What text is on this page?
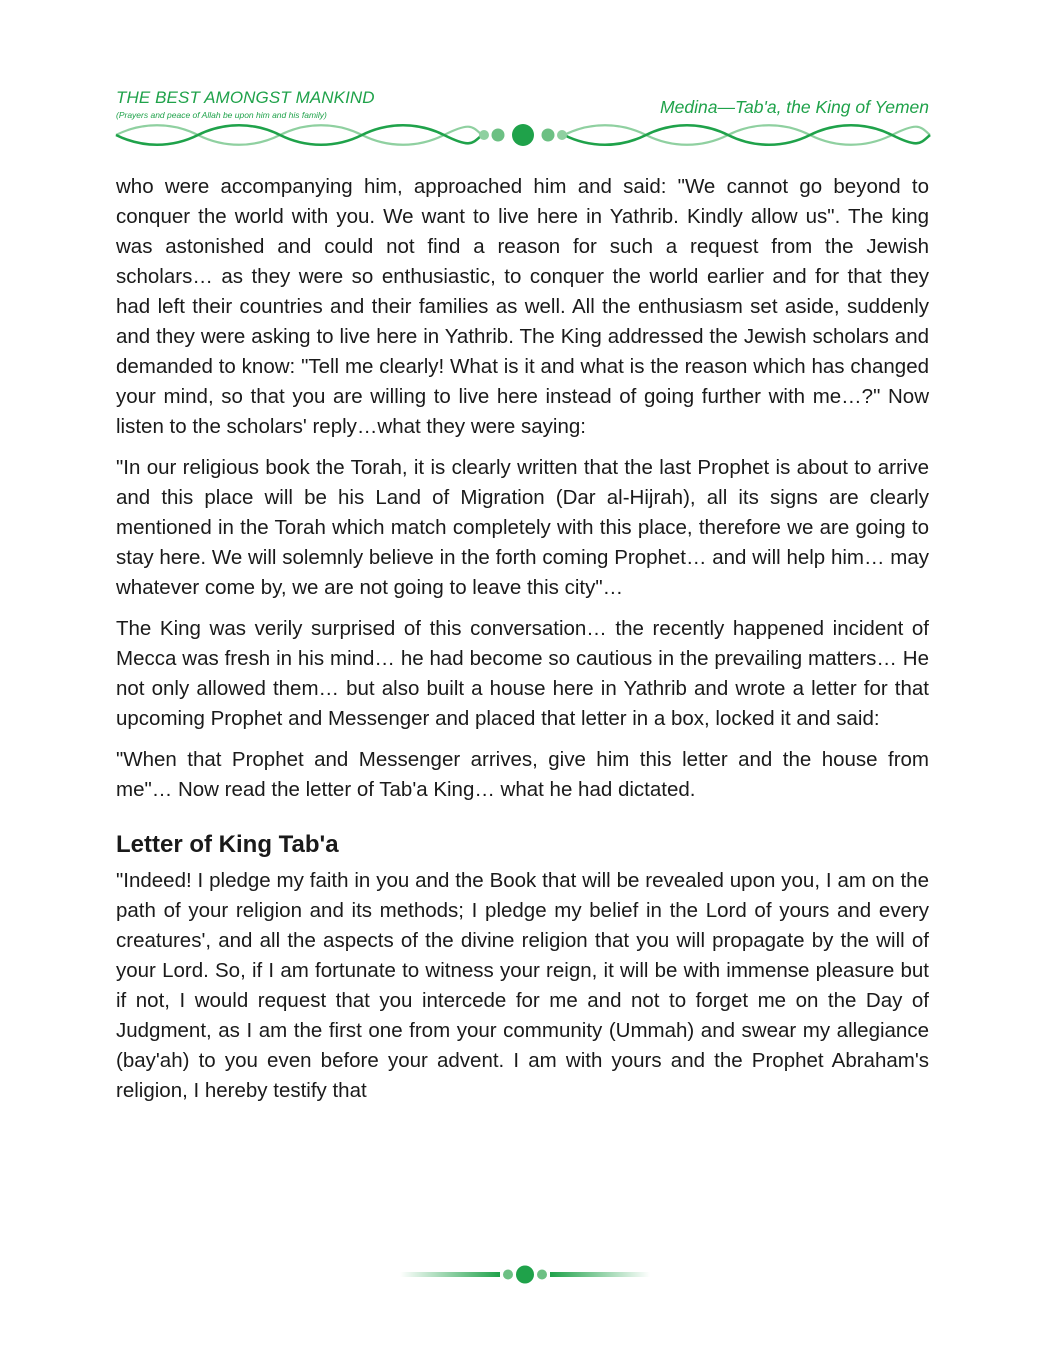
THE BEST AMONGST MANKIND
(Prayers and peace of Allah be upon him and his family)	Medina—Tab'a, the King of Yemen

who were accompanying him, approached him and said: "We cannot go beyond to conquer the world with you. We want to live here in Yathrib. Kindly allow us". The king was astonished and could not find a reason for such a request from the Jewish scholars… as they were so enthusiastic, to conquer the world earlier and for that they had left their countries and their families as well. All the enthusiasm set aside, suddenly and they were asking to live here in Yathrib. The King addressed the Jewish scholars and demanded to know: "Tell me clearly! What is it and what is the reason which has changed your mind, so that you are willing to live here instead of going further with me…?" Now listen to the scholars' reply…what they were saying:

"In our religious book the Torah, it is clearly written that the last Prophet is about to arrive and this place will be his Land of Migration (Dar al-Hijrah), all its signs are clearly mentioned in the Torah which match completely with this place, therefore we are going to stay here. We will solemnly believe in the forth coming Prophet… and will help him… may whatever come by, we are not going to leave this city"…

The King was verily surprised of this conversation… the recently happened incident of Mecca was fresh in his mind… he had become so cautious in the prevailing matters… He not only allowed them… but also built a house here in Yathrib and wrote a letter for that upcoming Prophet and Messenger and placed that letter in a box, locked it and said:

"When that Prophet and Messenger arrives, give him this letter and the house from me"… Now read the letter of Tab'a King… what he had dictated.

Letter of King Tab'a

"Indeed! I pledge my faith in you and the Book that will be revealed upon you, I am on the path of your religion and its methods; I pledge my belief in the Lord of yours and every creatures', and all the aspects of the divine religion that you will propagate by the will of your Lord. So, if I am fortunate to witness your reign, it will be with immense pleasure but if not, I would request that you intercede for me and not to forget me on the Day of Judgment, as I am the first one from your community (Ummah) and swear my allegiance (bay'ah) to you even before your advent. I am with yours and the Prophet Abraham's religion, I hereby testify that
